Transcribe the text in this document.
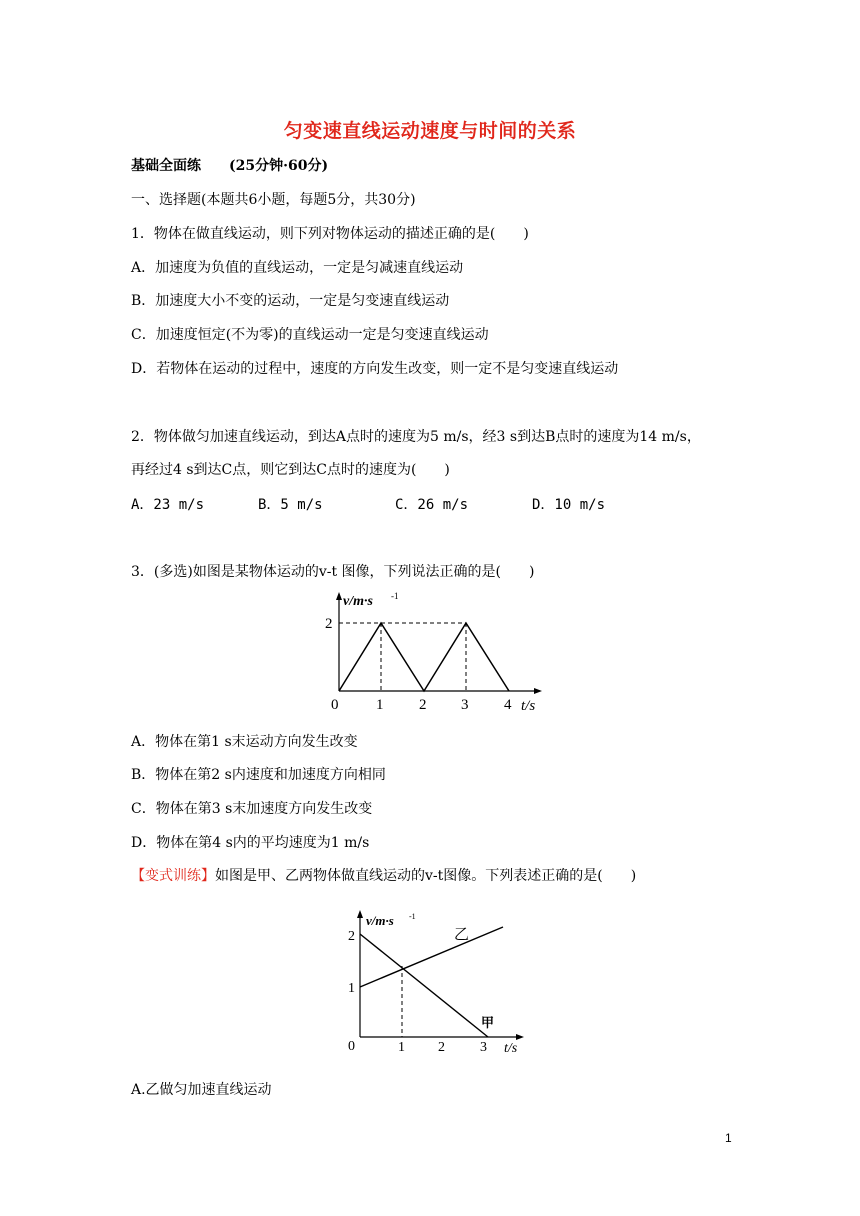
匀变速直线运动速度与时间的关系
基础全面练 (25分钟·60分)
一、选择题(本题共6小题，每题5分，共30分)
1．物体在做直线运动，则下列对物体运动的描述正确的是(　　)
A．加速度为负值的直线运动，一定是匀减速直线运动
B．加速度大小不变的运动，一定是匀变速直线运动
C．加速度恒定(不为零)的直线运动一定是匀变速直线运动
D．若物体在运动的过程中，速度的方向发生改变，则一定不是匀变速直线运动
2．物体做匀加速直线运动，到达A点时的速度为5 m/s，经3 s到达B点时的速度为14 m/s，
再经过4 s到达C点，则它到达C点时的速度为(　　)
A．23 m/s	B．5 m/s	C．26 m/s	D．10 m/s
3．(多选)如图是某物体运动的v-t 图像，下列说法正确的是(　　)
v/m·s -1
2
0	1 2 3 4 t/s
A．物体在第1 s末运动方向发生改变
B．物体在第2 s内速度和加速度方向相同
C．物体在第3 s末加速度方向发生改变
D．物体在第4 s内的平均速度为1 m/s
【变式训练】如图是甲、乙两物体做直线运动的v-t图像。下列表述正确的是(　　)
v/m·s -1
2
1
0	1 2	3 t/s
乙
甲
A.乙做匀加速直线运动
1
